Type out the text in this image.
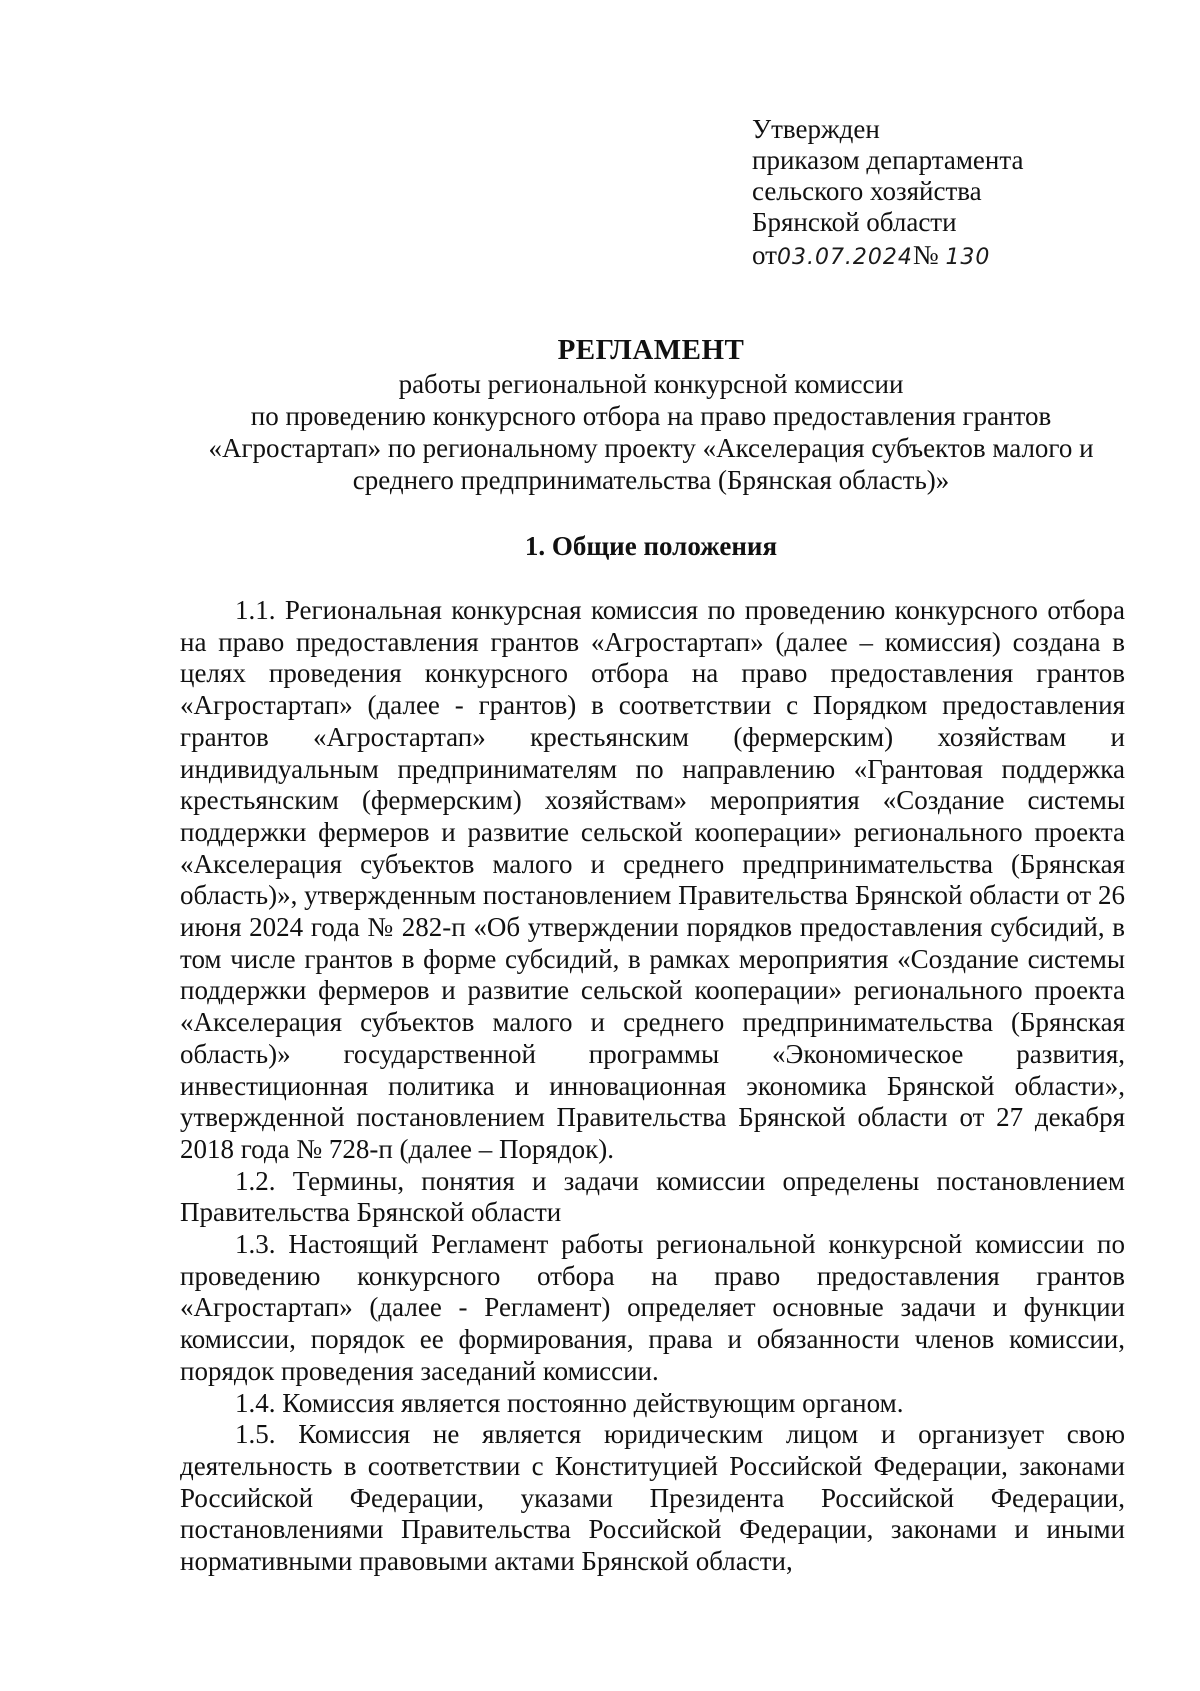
Утвержден
приказом департамента
сельского хозяйства
Брянской области
от03.07.2024№ 130
РЕГЛАМЕНТ
работы региональной конкурсной комиссии
по проведению конкурсного отбора на право предоставления грантов
«Агростартап» по региональному проекту «Акселерация субъектов малого и
среднего предпринимательства (Брянская область)»
1. Общие положения

1.1. Региональная конкурсная комиссия по проведению конкурсного отбора на право предоставления грантов «Агростартап» (далее – комиссия) создана в целях проведения конкурсного отбора на право предоставления грантов «Агростартап» (далее - грантов) в соответствии с Порядком предоставления грантов «Агростартап» крестьянским (фермерским) хозяйствам и индивидуальным предпринимателям по направлению «Грантовая поддержка крестьянским (фермерским) хозяйствам» мероприятия «Создание системы поддержки фермеров и развитие сельской кооперации» регионального проекта «Акселерация субъектов малого и среднего предпринимательства (Брянская область)», утвержденным постановлением Правительства Брянской области от 26 июня 2024 года № 282-п «Об утверждении порядков предоставления субсидий, в том числе грантов в форме субсидий, в рамках мероприятия «Создание системы поддержки фермеров и развитие сельской кооперации» регионального проекта «Акселерация субъектов малого и среднего предпринимательства (Брянская область)» государственной программы «Экономическое развития, инвестиционная политика и инновационная экономика Брянской области», утвержденной постановлением Правительства Брянской области от 27 декабря 2018 года № 728-п (далее – Порядок).

1.2. Термины, понятия и задачи комиссии определены постановлением Правительства Брянской области

1.3. Настоящий Регламент работы региональной конкурсной комиссии по проведению конкурсного отбора на право предоставления грантов «Агростартап» (далее - Регламент) определяет основные задачи и функции комиссии, порядок ее формирования, права и обязанности членов комиссии, порядок проведения заседаний комиссии.

1.4. Комиссия является постоянно действующим органом.

1.5. Комиссия не является юридическим лицом и организует свою деятельность в соответствии с Конституцией Российской Федерации, законами Российской Федерации, указами Президента Российской Федерации, постановлениями Правительства Российской Федерации, законами и иными нормативными правовыми актами Брянской области,
